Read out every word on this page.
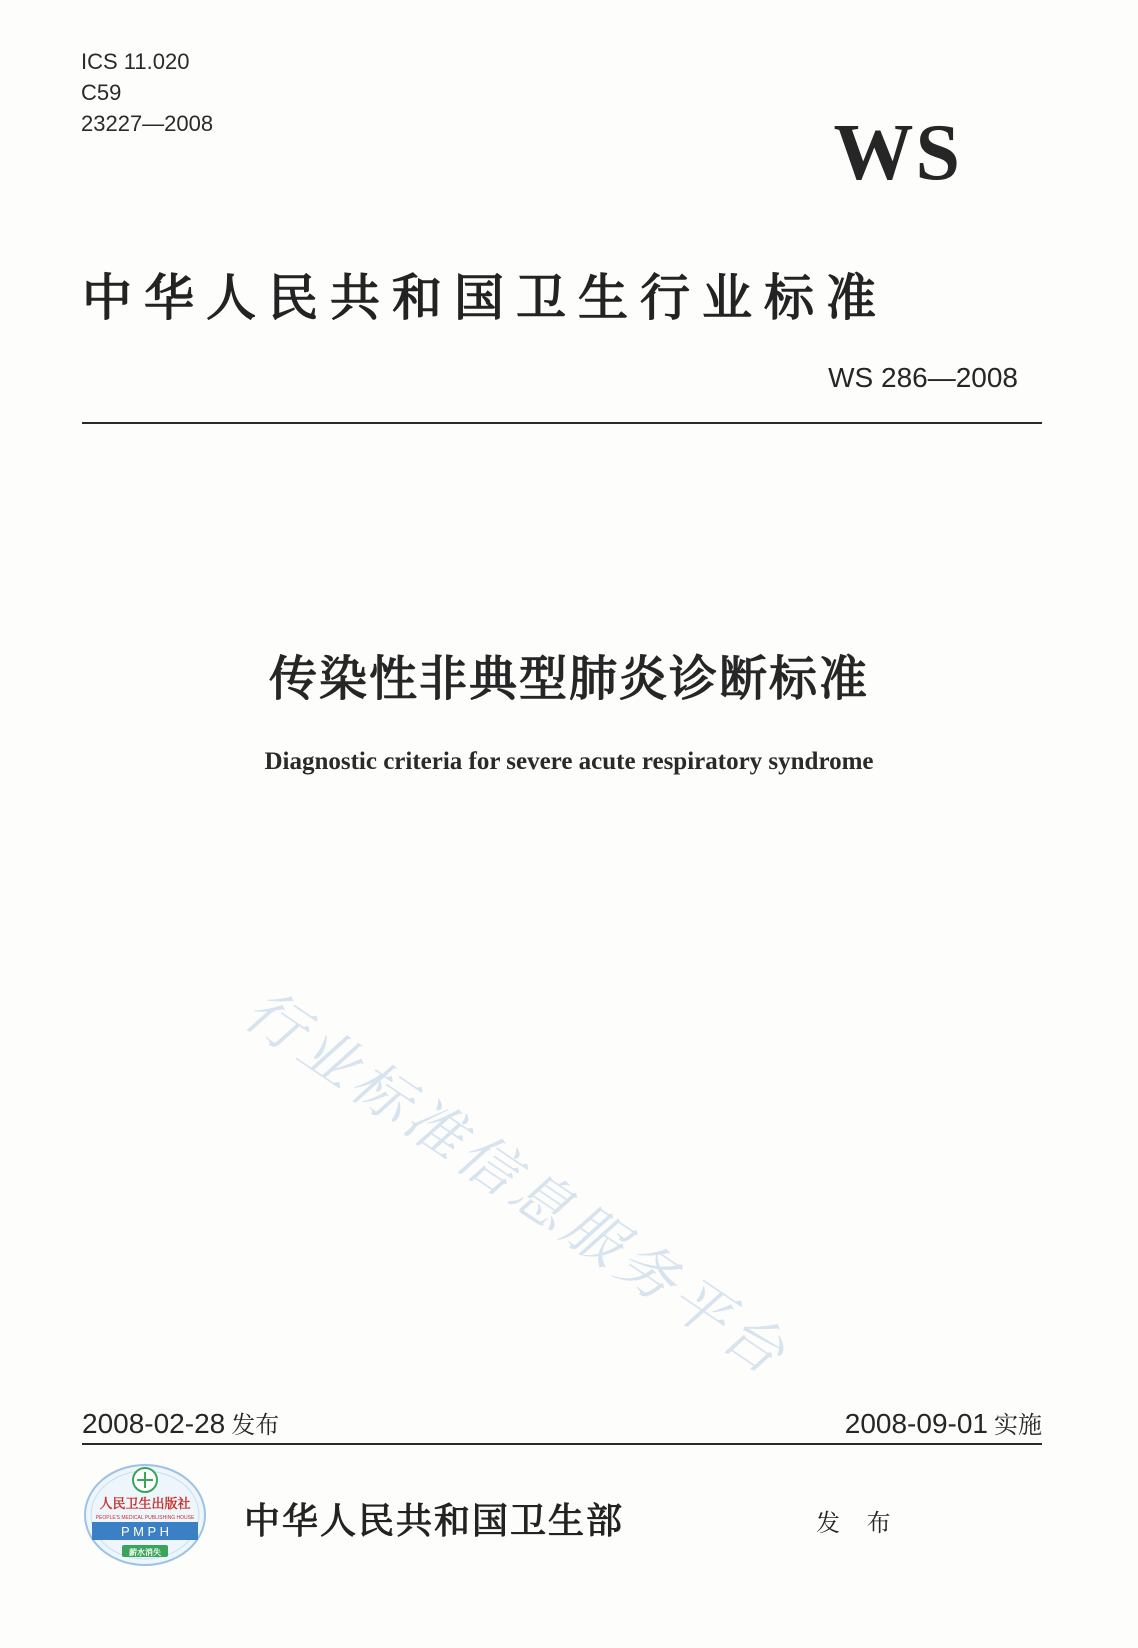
ICS 11.020
C59
23227—2008	WS
中华人民共和国卫生行业标准
WS 286—2008
传染性非典型肺炎诊断标准
Diagnostic criteria for severe acute respiratory syndrome
行业标准信息服务平台
2008-02-28 发布	2008-09-01 实施
人民卫生出版社
PEOPLE'S MEDICAL PUBLISHING HOUSE
P M P H
薪水消失
中华人民共和国卫生部	发 布
